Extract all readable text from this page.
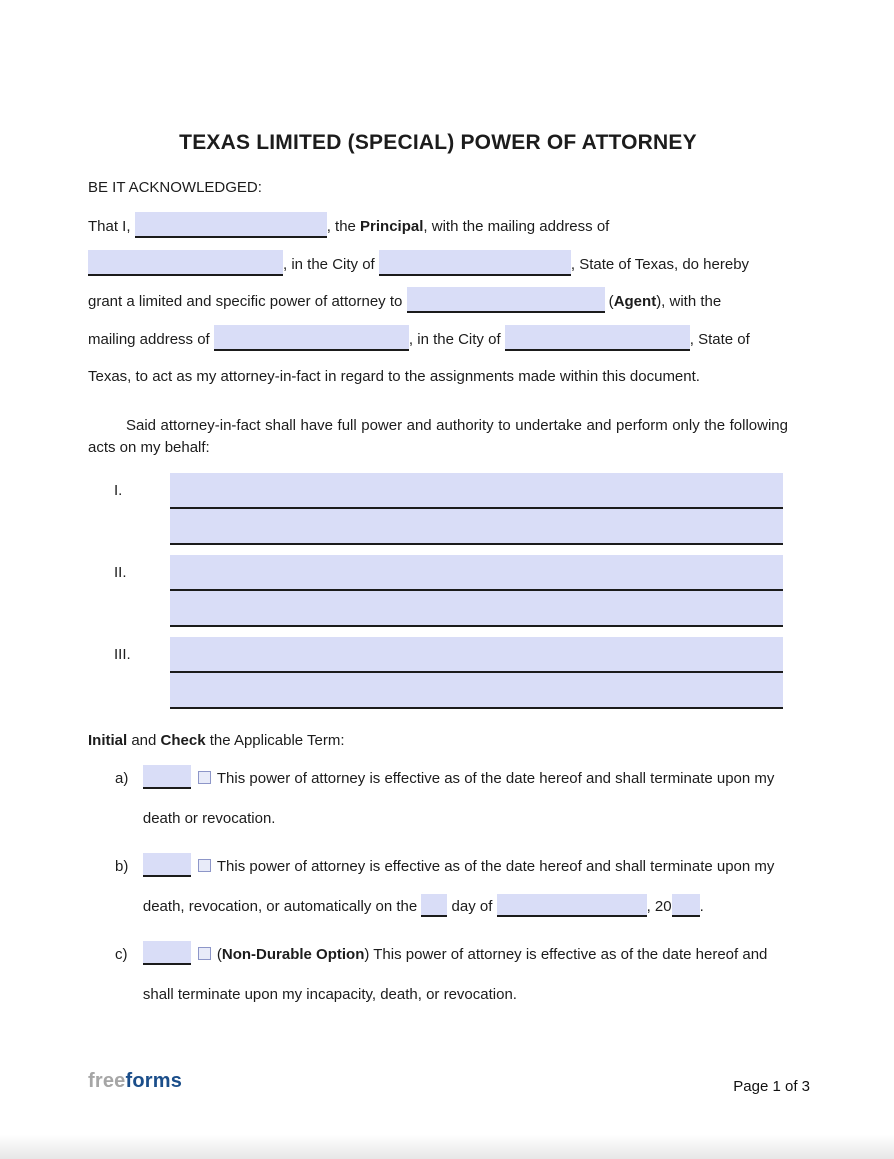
TEXAS LIMITED (SPECIAL) POWER OF ATTORNEY
BE IT ACKNOWLEDGED:
That I,	, the Principal, with the mailing address of
, in the City of	, State of Texas, do hereby
grant a limited and specific power of attorney to	(Agent), with the
mailing address of	, in the City of	, State of
Texas, to act as my attorney-in-fact in regard to the assignments made within this document.
Said attorney-in-fact shall have full power and authority to undertake and perform only the following acts on my behalf:
I.
II.
III.
Initial and Check the Applicable Term:
a)	This power of attorney is effective as of the date hereof and shall terminate upon my death or revocation.
b)	This power of attorney is effective as of the date hereof and shall terminate upon my death, revocation, or automatically on the  day of	, 20 .
c)	(Non-Durable Option) This power of attorney is effective as of the date hereof and shall terminate upon my incapacity, death, or revocation.
freeforms	Page 1 of 3
